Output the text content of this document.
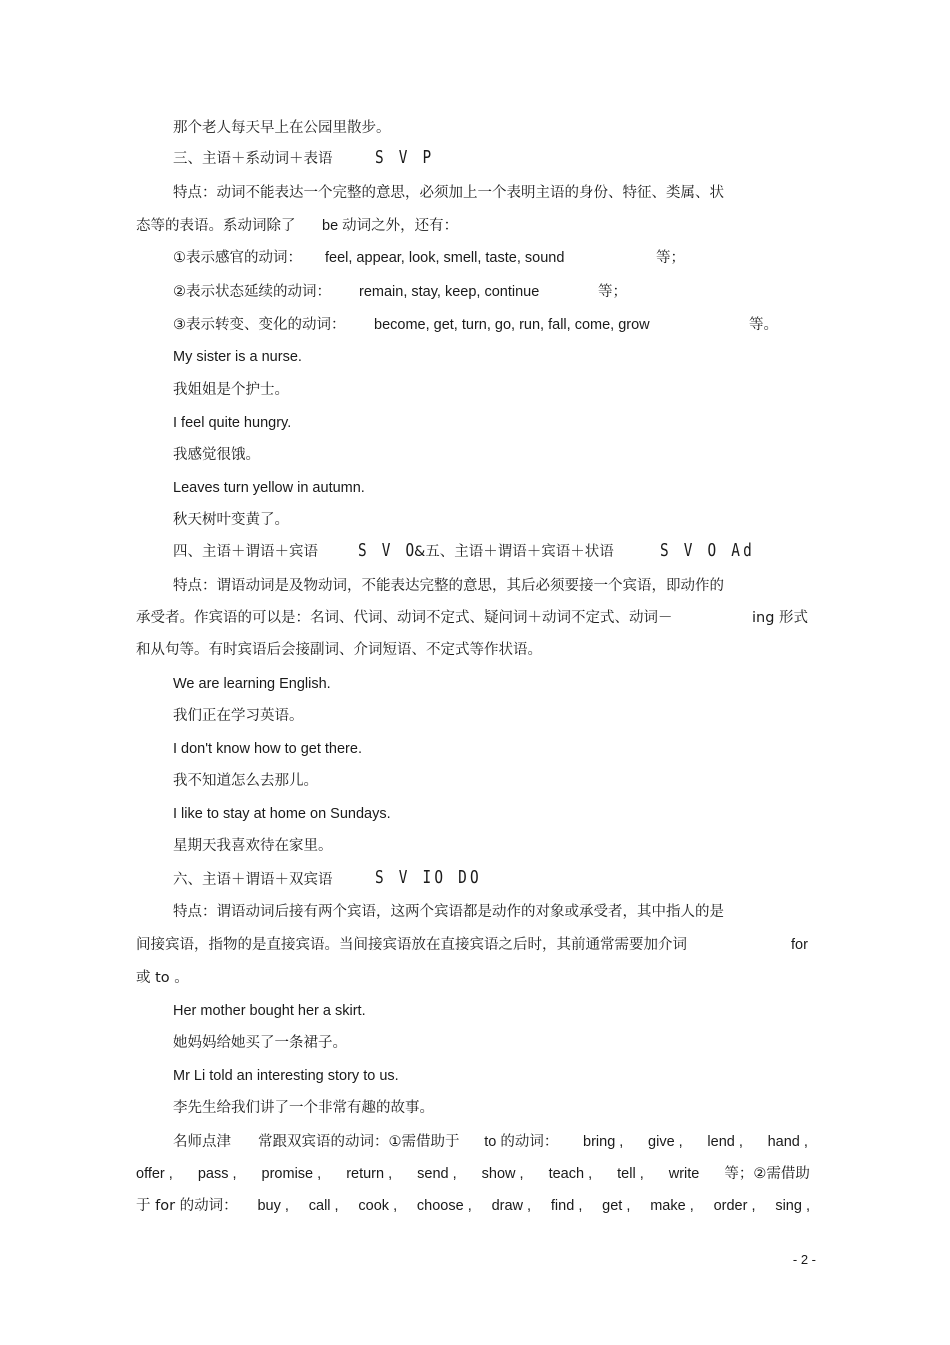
那个老人每天早上在公园里散步。
三、主语＋系动词＋表语 S V P
特点：动词不能表达一个完整的意思，必须加上一个表明主语的身份、特征、类属、状
态等的表语。系动词除了 be 动词之外，还有：
①表示感官的动词： feel, appear, look, smell, taste, sound	等；
②表示状态延续的动词： remain, stay, keep, continue	等；
③表示转变、变化的动词： become, get, turn, go, run, fall, come, grow	等。
My sister is a nurse.
我姐姐是个护士。
I feel quite hungry.
我感觉很饿。
Leaves turn yellow in autumn.
秋天树叶变黄了。
四、主语＋谓语＋宾语 S V O
&五、主语＋谓语＋宾语＋状语	S V O Ad
特点：谓语动词是及物动词，不能表达完整的意思，其后必须要接一个宾语，即动作的
承受者。作宾语的可以是：名词、代词、动词不定式、疑问词＋动词不定式、动词－	ing 形式
和从句等。有时宾语后会接副词、介词短语、不定式等作状语。
We are learning English.
我们正在学习英语。
I don't know how to get there.
我不知道怎么去那儿。
I like to stay at home on Sundays.
星期天我喜欢待在家里。
六、主语＋谓语＋双宾语 S V IO DO
特点：谓语动词后接有两个宾语，这两个宾语都是动作的对象或承受者，其中指人的是
间接宾语，指物的是直接宾语。当间接宾语放在直接宾语之后时，其前通常需要加介词	for
或 to 。
Her mother bought her a skirt.
她妈妈给她买了一条裙子。
Mr Li told an interesting story to us.
李先生给我们讲了一个非常有趣的故事。
名师点津 常跟双宾语的动词：①需借助于 to 的动词： bring , give , lend , hand ,
offer , pass , promise , return , send , show , teach , tell , write 等；②需借助
于 for 的动词： buy , call , cook , choose , draw , find , get , make , order , sing ,
- 2 -
